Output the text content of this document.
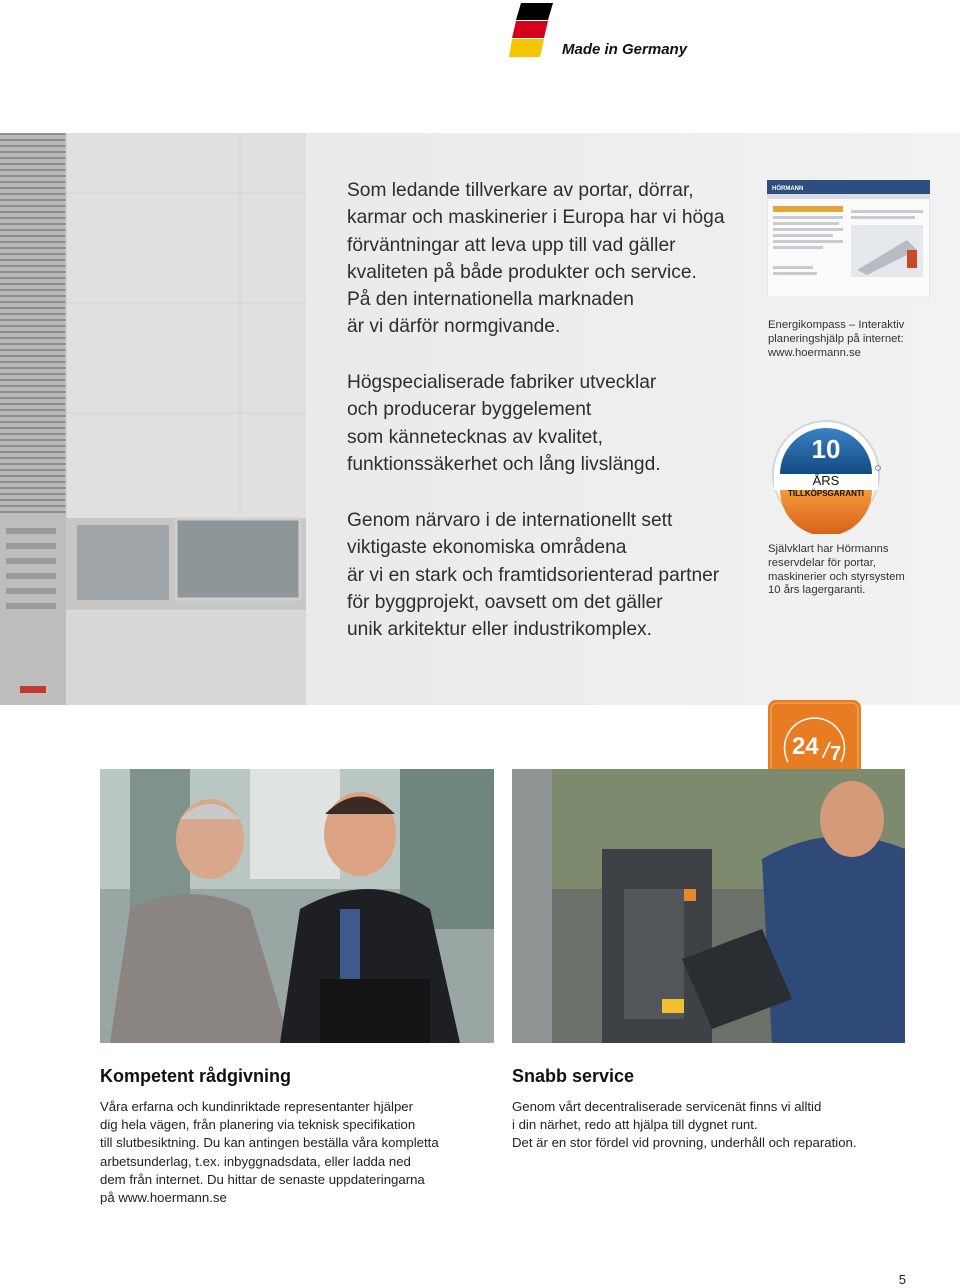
Made in Germany

Som ledande tillverkare av portar, dörrar,
karmar och maskinerier i Europa har vi höga
förväntningar att leva upp till vad gäller
kvaliteten på både produkter och service.
På den internationella marknaden
är vi därför normgivande.

Högspecialiserade fabriker utvecklar
och producerar byggelement
som kännetecknas av kvalitet,
funktionssäkerhet och lång livslängd.

Genom närvaro i de internationellt sett
viktigaste ekonomiska områdena
är vi en stark och framtidsorienterad partner
för byggprojekt, oavsett om det gäller
unik arkitektur eller industrikomplex.

HÖRMANN

Energikompass – Interaktiv
planeringshjälp på internet:
www.hoermann.se

10
ÅRS
TILLKÖPSGARANTI

Självklart har Hörmanns
reservdelar för portar,
maskinerier och styrsystem
10 års lagergaranti.

24 / 7
Kompetent rådgivning

Våra erfarna och kundinriktade representanter hjälper
dig hela vägen, från planering via teknisk specifikation
till slutbesiktning. Du kan antingen beställa våra kompletta
arbetsunderlag, t.ex. inbyggnadsdata, eller ladda ned
dem från internet. Du hittar de senaste uppdateringarna
på www.hoermann.se

Snabb service

Genom vårt decentraliserade servicenät finns vi alltid
i din närhet, redo att hjälpa till dygnet runt.
Det är en stor fördel vid provning, underhåll och reparation.

5
